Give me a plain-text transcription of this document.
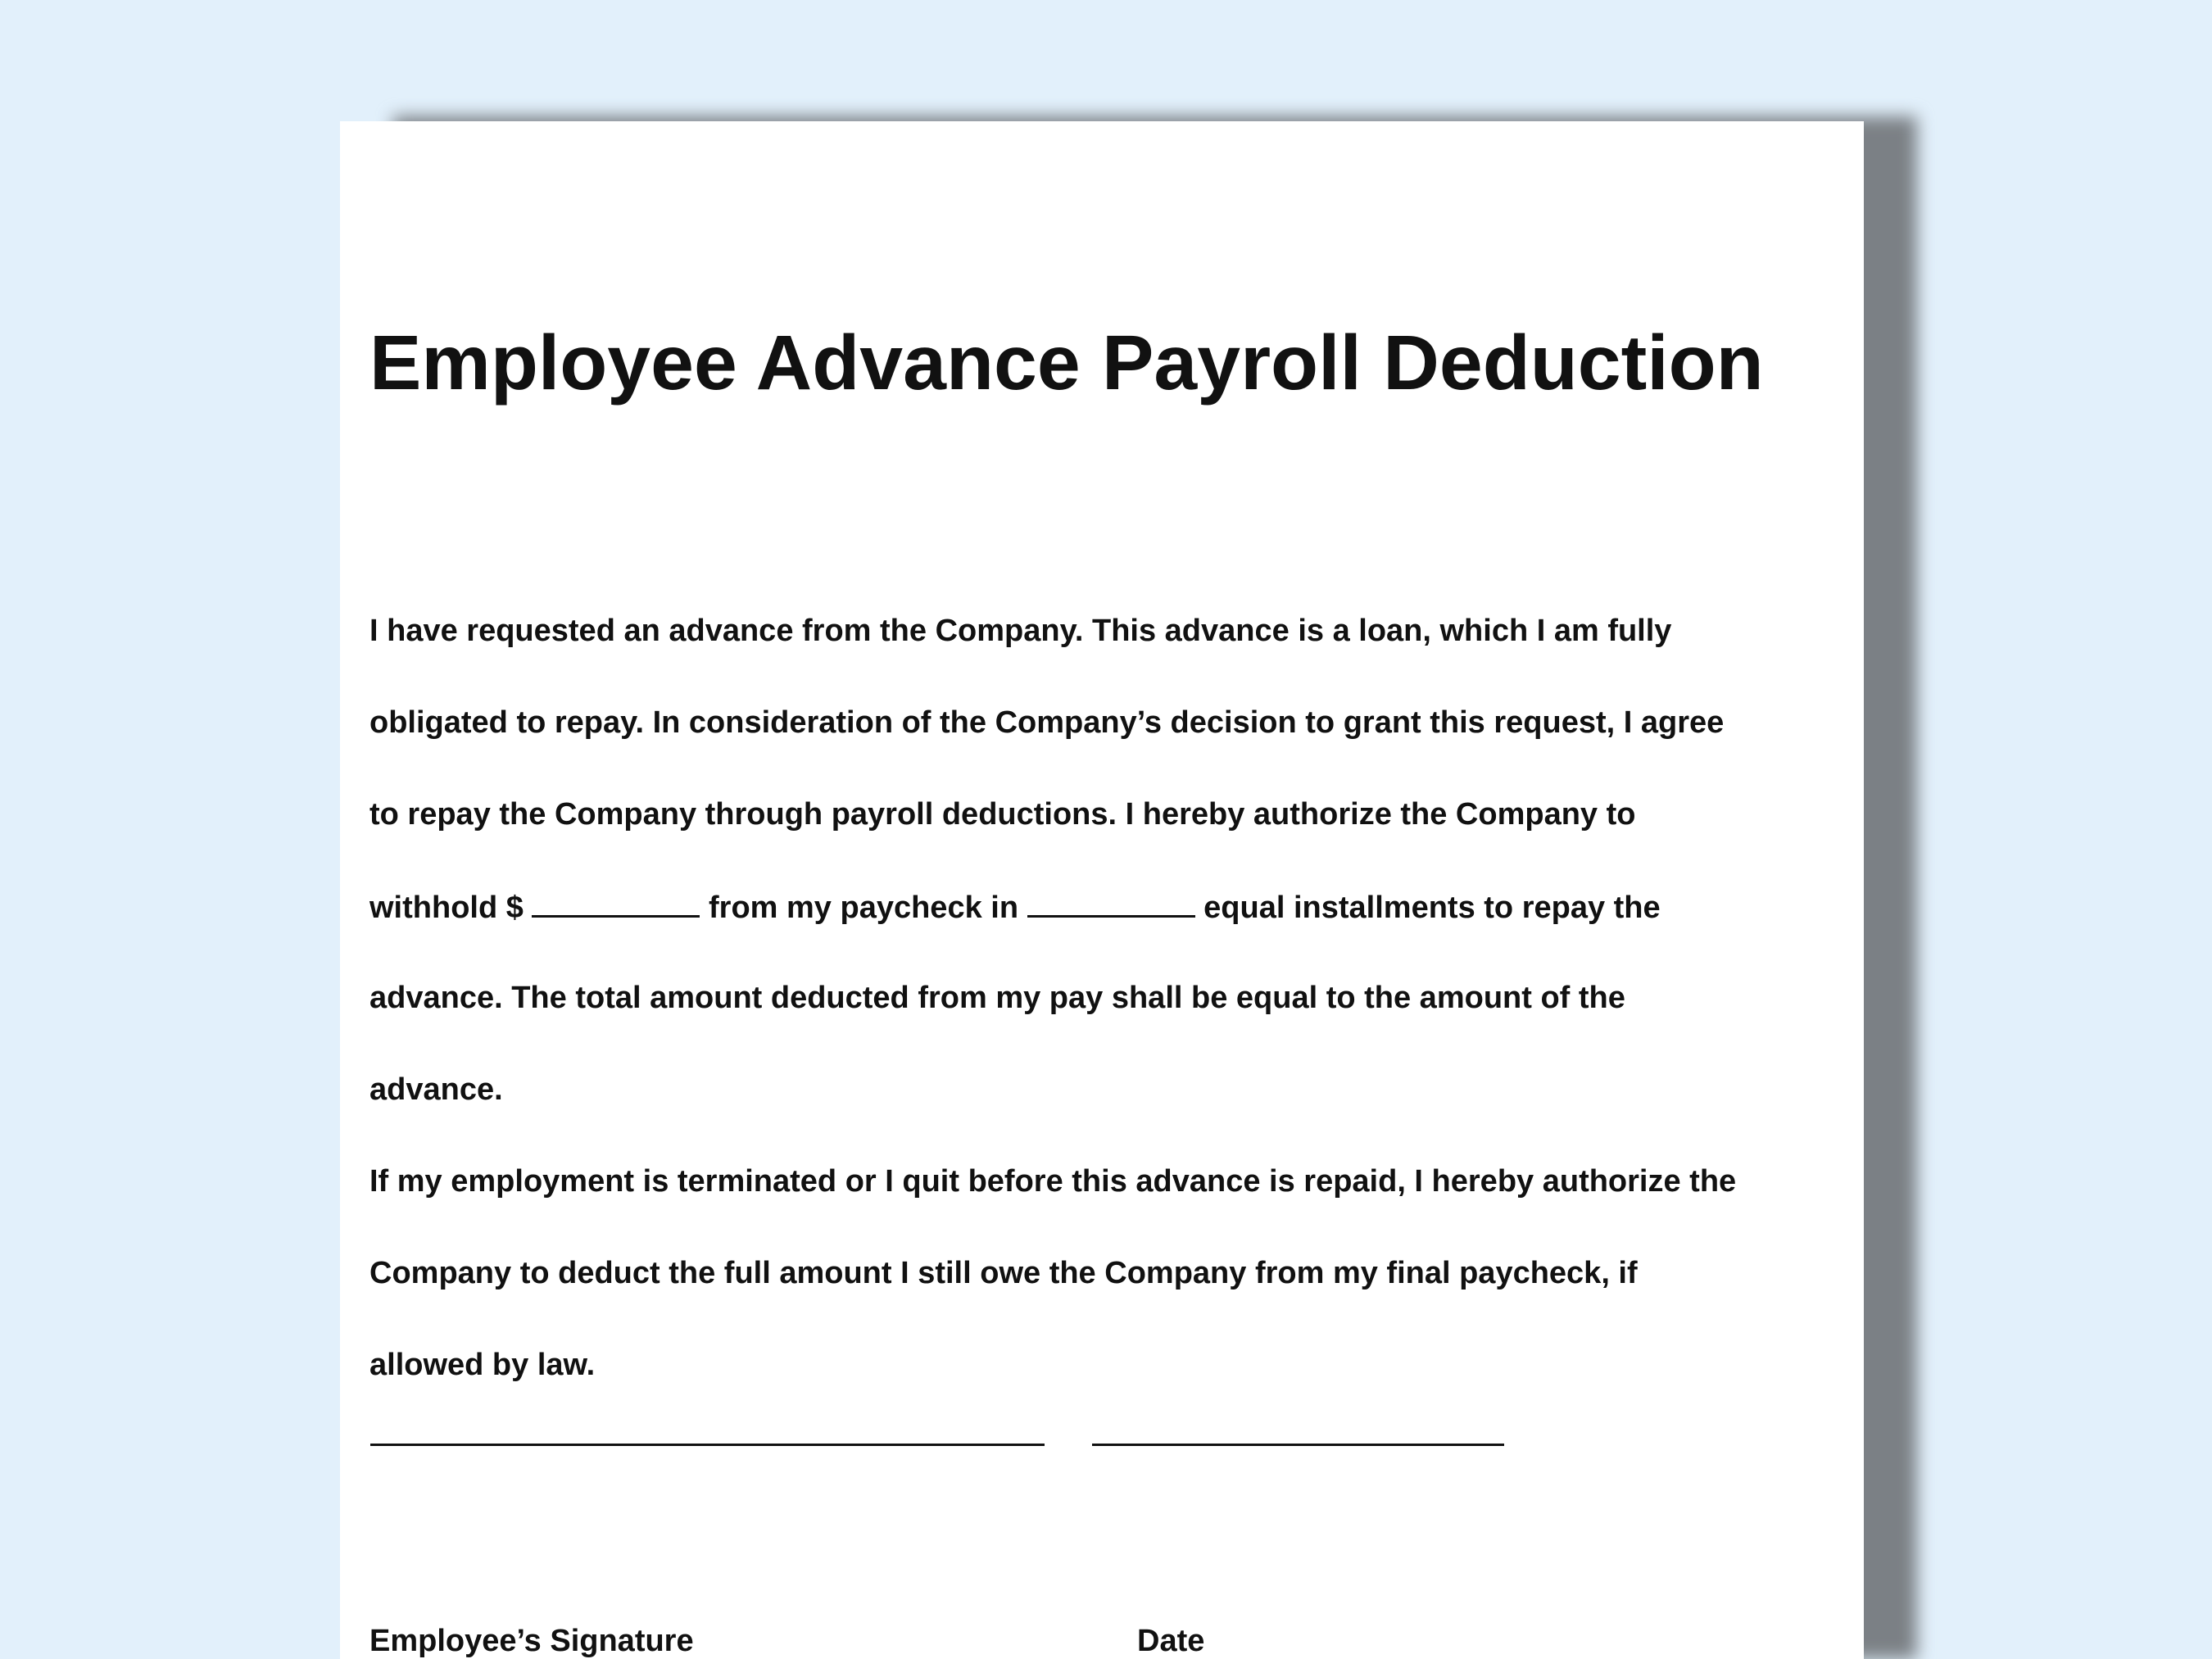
Employee Advance Payroll Deduction

I have requested an advance from the Company. This advance is a loan, which I am fully

obligated to repay. In consideration of the Company’s decision to grant this request, I agree

to repay the Company through payroll deductions. I hereby authorize the Company to

withhold $	from my paycheck in	equal installments to repay the

advance. The total amount deducted from my pay shall be equal to the amount of the

advance.

If my employment is terminated or I quit before this advance is repaid, I hereby authorize the

Company to deduct the full amount I still owe the Company from my final paycheck, if

allowed by law.

Employee’s Signature	Date
